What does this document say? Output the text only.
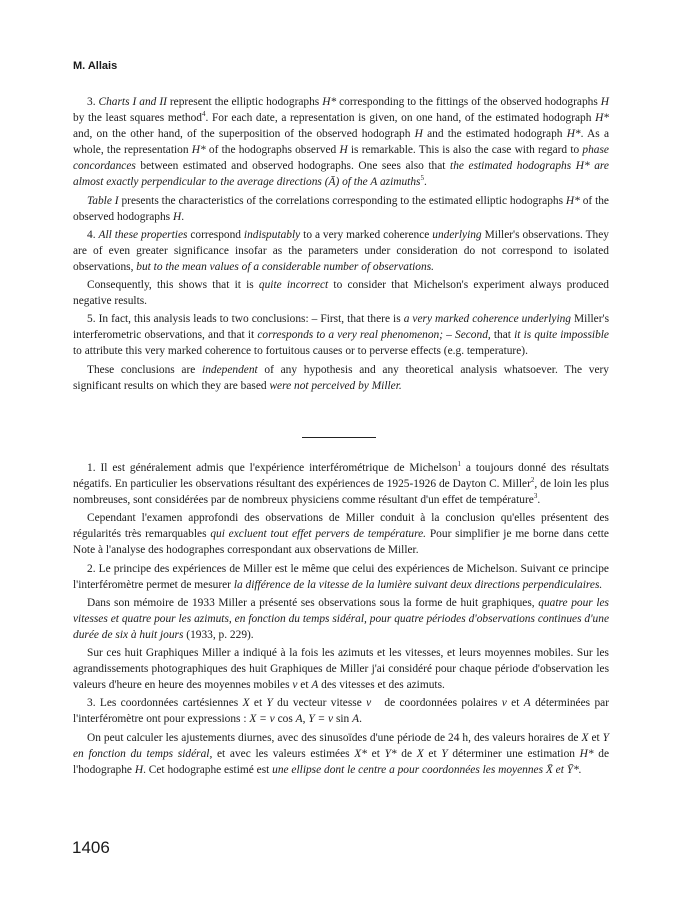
M. Allais

3. Charts I and II represent the elliptic hodographs H* corresponding to the fittings of the observed hodographs H by the least squares method$^4$. For each date, a representation is given, on one hand, of the estimated hodograph H* and, on the other hand, of the superposition of the observed hodograph H and the estimated hodograph H*. As a whole, the representation H* of the hodographs observed H is remarkable. This is also the case with regard to phase concordances between estimated and observed hodographs. One sees also that the estimated hodographs H* are almost exactly perpendicular to the average directions (Ā) of the A azimuths$^5$.

Table I presents the characteristics of the correlations corresponding to the estimated elliptic hodographs H* of the observed hodographs H.

4. All these properties correspond indisputably to a very marked coherence underlying Miller's observations. They are of even greater significance insofar as the parameters under consideration do not correspond to isolated observations, but to the mean values of a considerable number of observations.

Consequently, this shows that it is quite incorrect to consider that Michelson's experiment always produced negative results.

5. In fact, this analysis leads to two conclusions: – First, that there is a very marked coherence underlying Miller's interferometric observations, and that it corresponds to a very real phenomenon; – Second, that it is quite impossible to attribute this very marked coherence to fortuitous causes or to perverse effects (e.g. temperature).

These conclusions are independent of any hypothesis and any theoretical analysis whatsoever. The very significant results on which they are based were not perceived by Miller.

1. Il est généralement admis que l'expérience interférométrique de Michelson$^1$ a toujours donné des résultats négatifs. En particulier les observations résultant des expériences de 1925-1926 de Dayton C. Miller$^2$, de loin les plus nombreuses, sont considérées par de nombreux physiciens comme résultant d'un effet de température$^3$.

Cependant l'examen approfondi des observations de Miller conduit à la conclusion qu'elles présentent des régularités très remarquables qui excluent tout effet pervers de température. Pour simplifier je me borne dans cette Note à l'analyse des hodographes correspondant aux observations de Miller.

2. Le principe des expériences de Miller est le même que celui des expériences de Michelson. Suivant ce principe l'interféromètre permet de mesurer la différence de la vitesse de la lumière suivant deux directions perpendiculaires.

Dans son mémoire de 1933 Miller a présenté ses observations sous la forme de huit graphiques, quatre pour les vitesses et quatre pour les azimuts, en fonction du temps sidéral, pour quatre périodes d'observations continues d'une durée de six à huit jours (1933, p. 229).

Sur ces huit Graphiques Miller a indiqué à la fois les azimuts et les vitesses, et leurs moyennes mobiles. Sur les agrandissements photographiques des huit Graphiques de Miller j'ai considéré pour chaque période d'observation les valeurs d'heure en heure des moyennes mobiles v et A des vitesses et des azimuts.

3. Les coordonnées cartésiennes X et Y du vecteur vitesse v⃗ de coordonnées polaires v et A déterminées par l'interféromètre ont pour expressions : X = v cos A, Y = v sin A.

On peut calculer les ajustements diurnes, avec des sinusoïdes d'une période de 24 h, des valeurs horaires de X et Y en fonction du temps sidéral, et avec les valeurs estimées X* et Y* de X et Y déterminer une estimation H* de l'hodographe H. Cet hodographe estimé est une ellipse dont le centre a pour coordonnées les moyennes X̄ et Ȳ*.

1406
